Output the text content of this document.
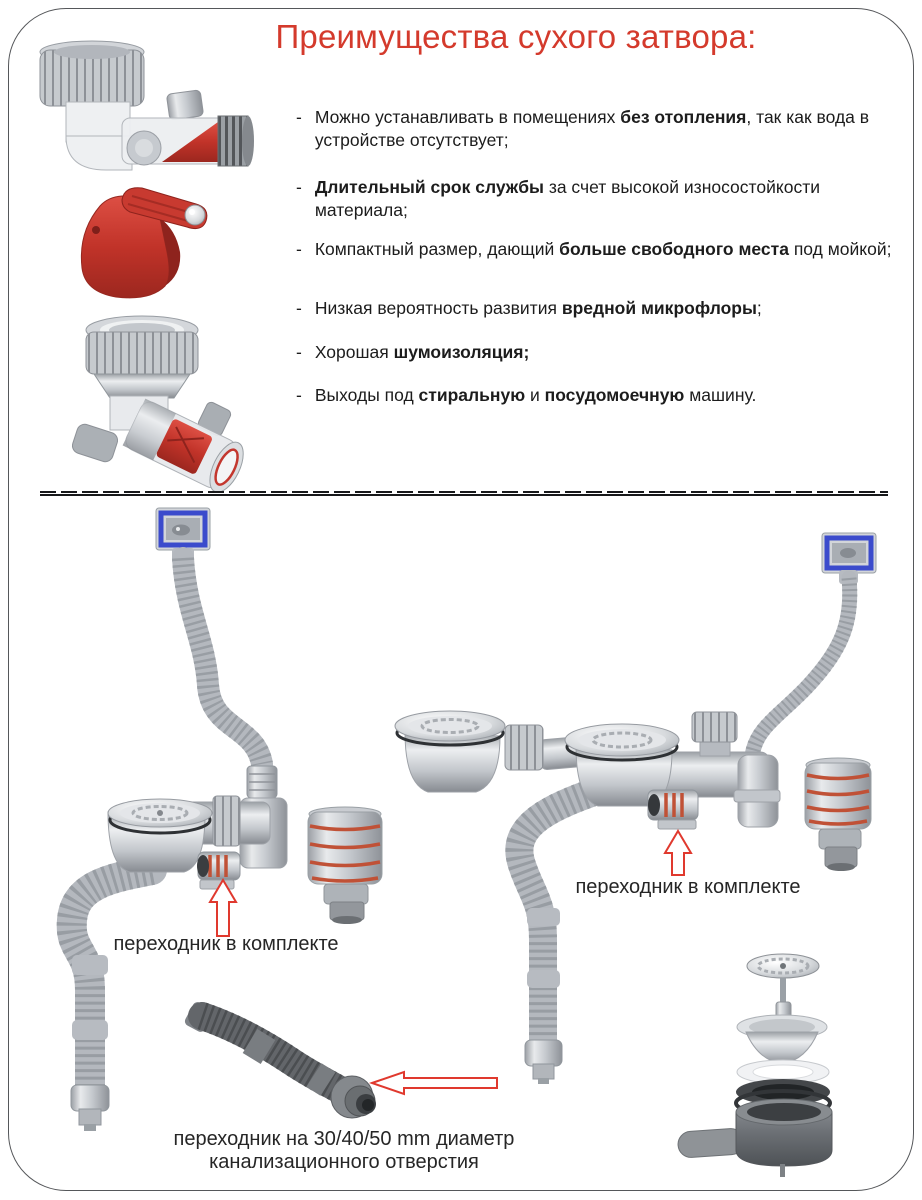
Преимущества сухого затвора:
- Можно устанавливать в помещениях без отопления, так как вода в устройстве отсутствует;
- Длительный срок службы за счет высокой износостойкости материала;
- Компактный размер, дающий больше свободного места под мойкой;
- Низкая вероятность развития вредной микрофлоры;
- Хорошая шумоизоляция;
- Выходы под стиральную и посудомоечную машину.
переходник в комплекте
переходник в комплекте
переходник на 30/40/50 mm диаметр
канализационного отверстия
